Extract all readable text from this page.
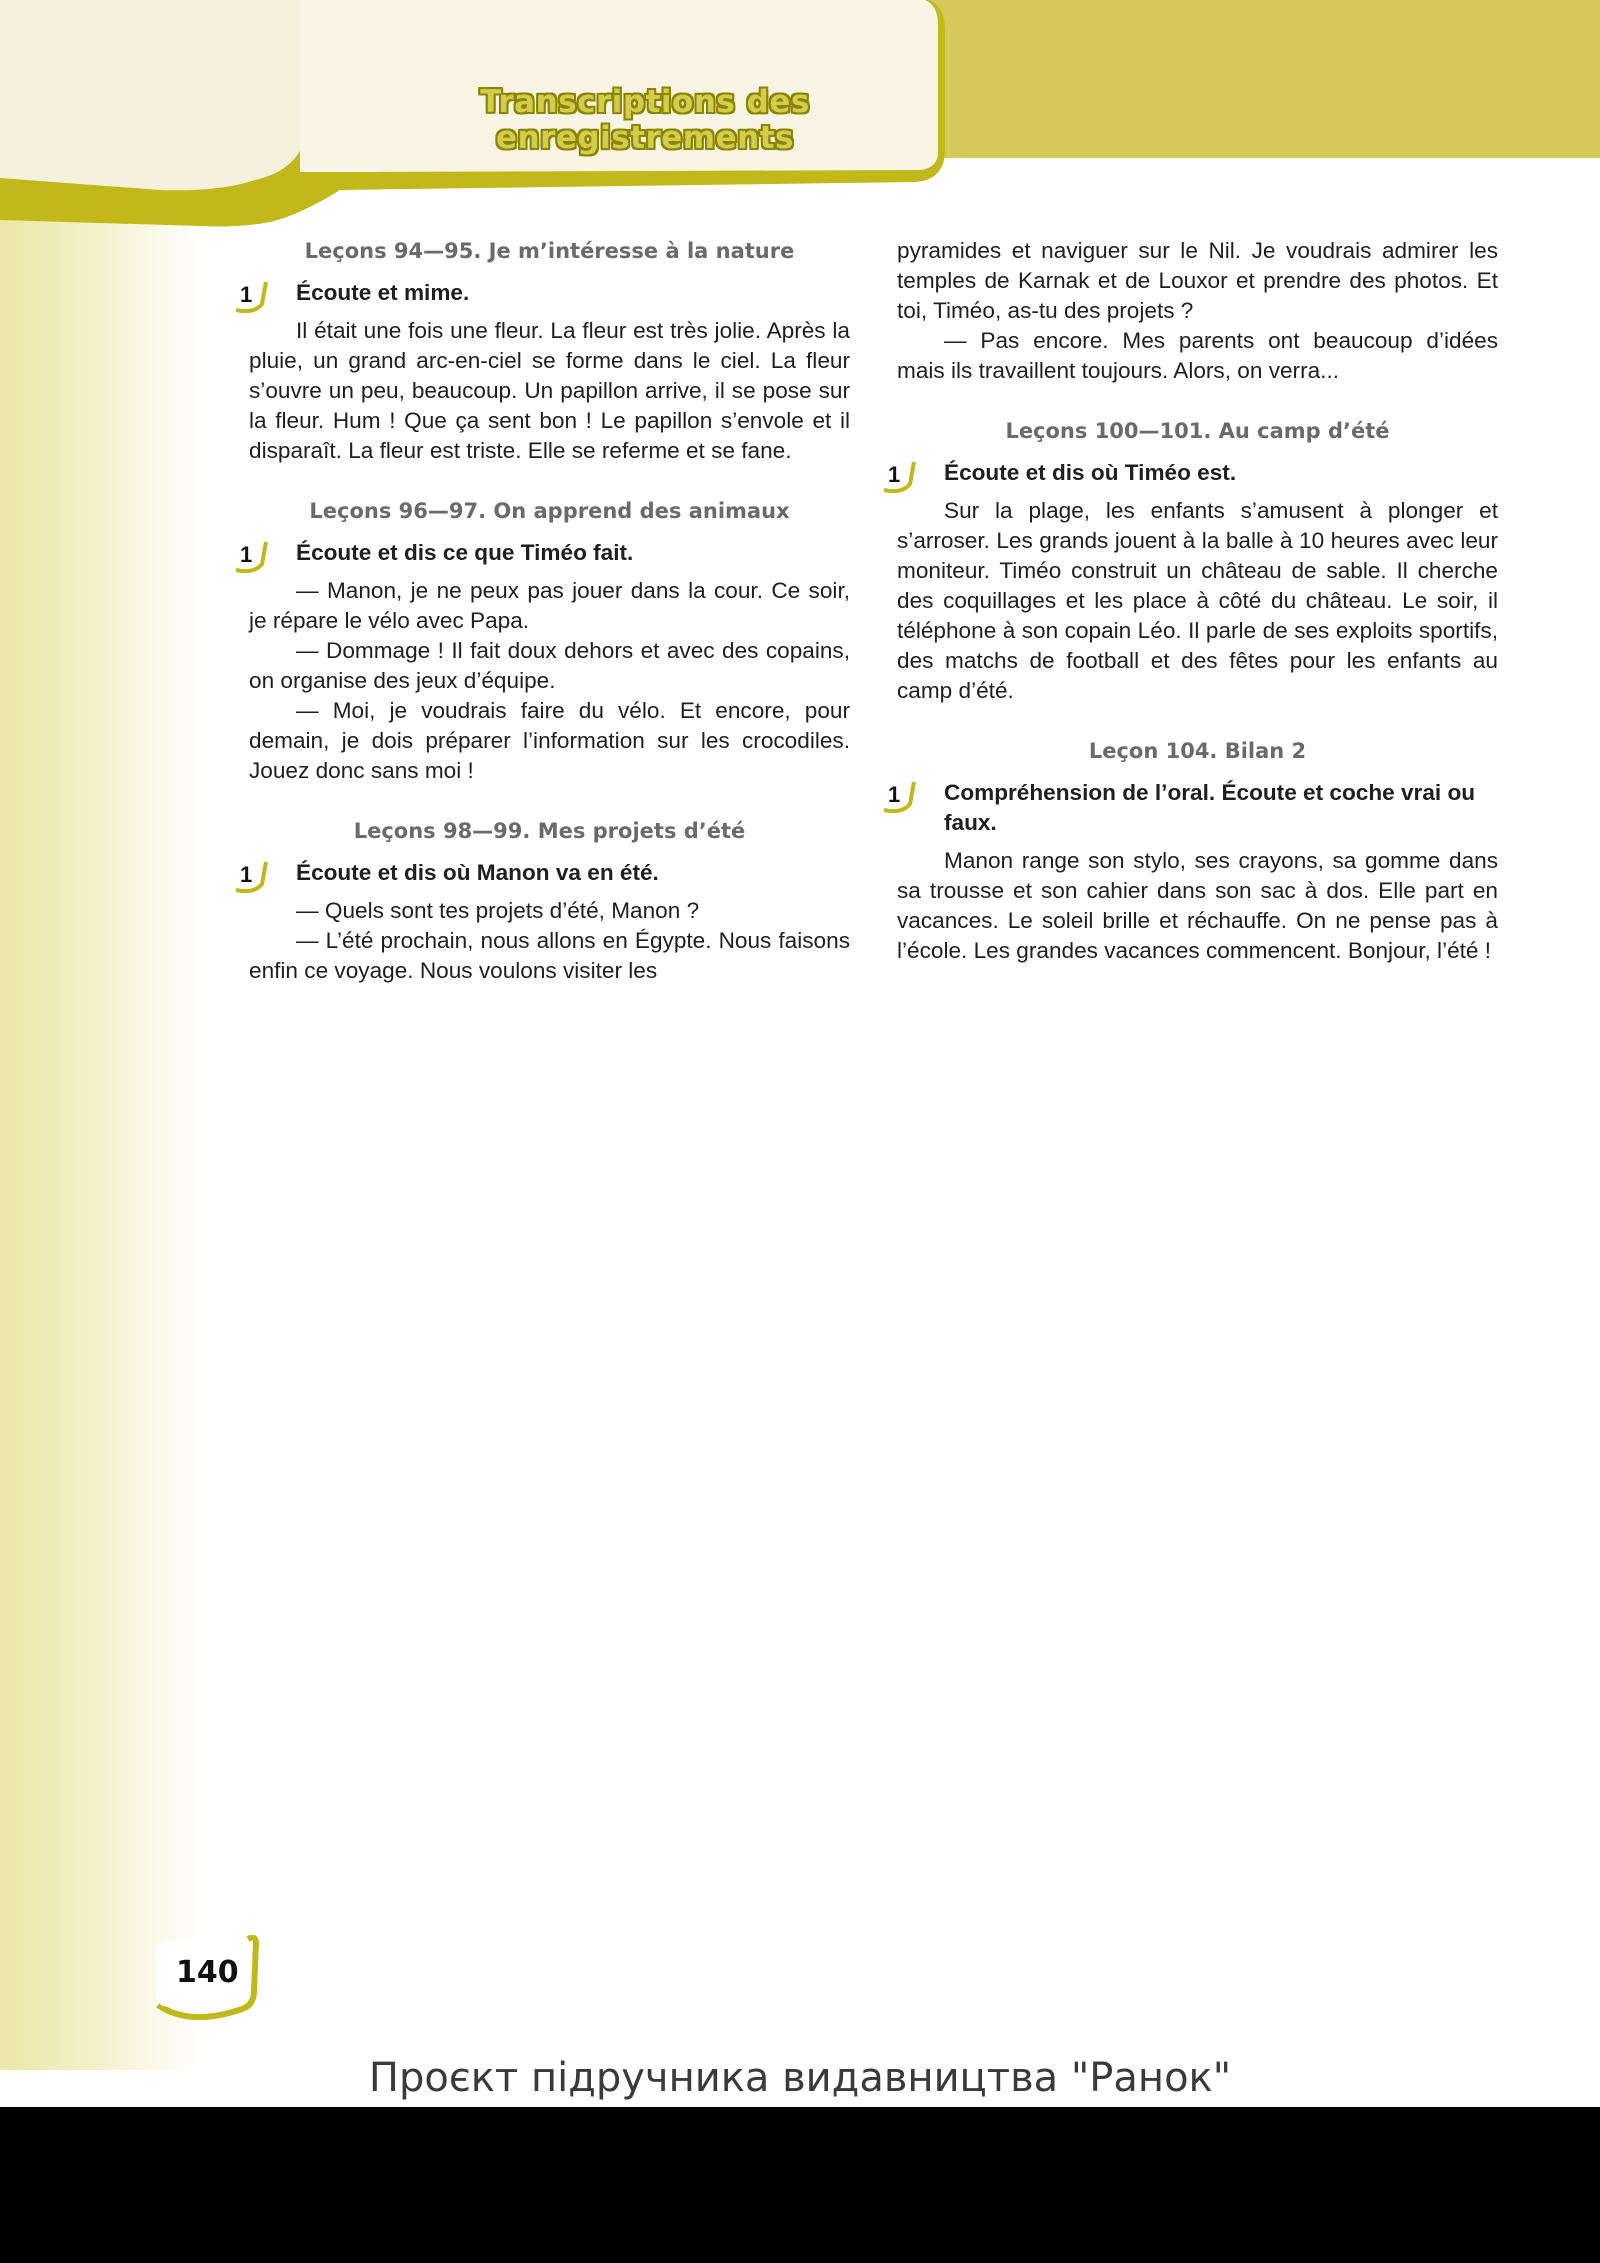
Transcriptions des enregistrements
Leçons 94—95. Je m’intéresse à la nature
1 Écoute et mime.

Il était une fois une fleur. La fleur est très jolie. Après la pluie, un grand arc-en-ciel se forme dans le ciel. La fleur s’ouvre un peu, beaucoup. Un papillon arrive, il se pose sur la fleur. Hum ! Que ça sent bon ! Le papillon s’envole et il disparaît. La fleur est triste. Elle se referme et se fane.

Leçons 96—97. On apprend des animaux
1 Écoute et dis ce que Timéo fait.

— Manon, je ne peux pas jouer dans la cour. Ce soir, je répare le vélo avec Papa.

— Dommage ! Il fait doux dehors et avec des copains, on organise des jeux d’équipe.

— Moi, je voudrais faire du vélo. Et encore, pour demain, je dois préparer l’information sur les crocodiles. Jouez donc sans moi !

Leçons 98—99. Mes projets d’été
1 Écoute et dis où Manon va en été.

— Quels sont tes projets d’été, Manon ?

— L’été prochain, nous allons en Égypte. Nous faisons enfin ce voyage. Nous voulons visiter les

pyramides et naviguer sur le Nil. Je voudrais admirer les temples de Karnak et de Louxor et prendre des photos. Et toi, Timéo, as-tu des projets ?

— Pas encore. Mes parents ont beaucoup d’idées mais ils travaillent toujours. Alors, on verra...

Leçons 100—101. Au camp d’été
1 Écoute et dis où Timéo est.

Sur la plage, les enfants s’amusent à plonger et s’arroser. Les grands jouent à la balle à 10 heures avec leur moniteur. Timéo construit un château de sable. Il cherche des coquillages et les place à côté du château. Le soir, il téléphone à son copain Léo. Il parle de ses exploits sportifs, des matchs de football et des fêtes pour les enfants au camp d’été.

Leçon 104. Bilan 2
1 Compréhension de l’oral. Écoute et coche vrai ou faux.

Manon range son stylo, ses crayons, sa gomme dans sa trousse et son cahier dans son sac à dos. Elle part en vacances. Le soleil brille et réchauffe. On ne pense pas à l’école. Les grandes vacances commencent. Bonjour, l’été !

140
Проєкт підручника видавництва "Ранок"
